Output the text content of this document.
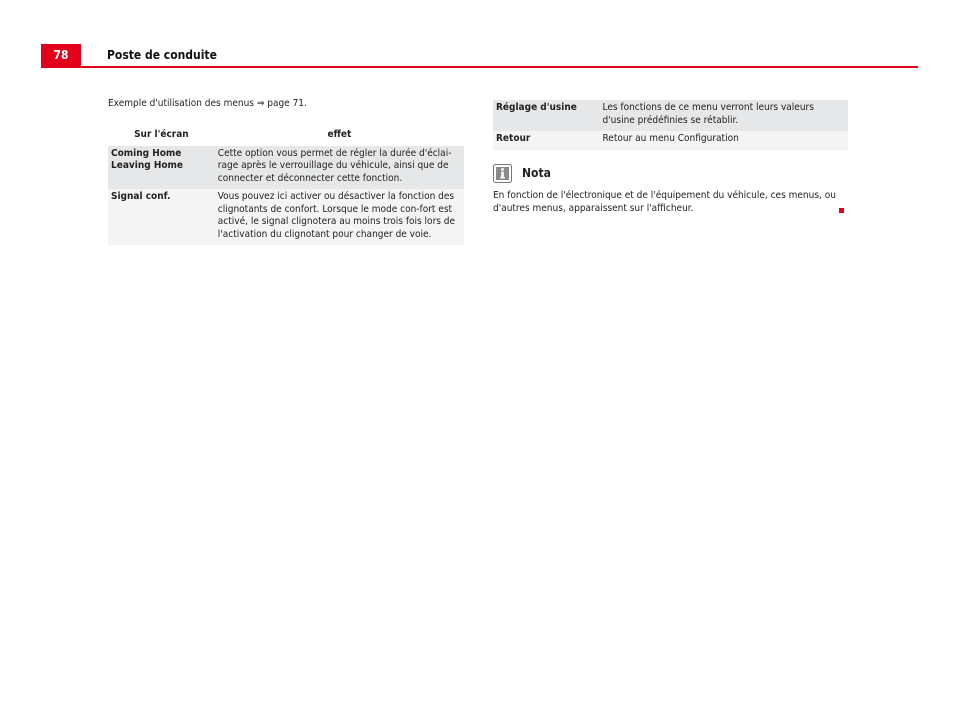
78	Poste de conduite

Exemple d'utilisation des menus ⇒ page 71.

Sur l'écran	effet
Coming Home
Leaving Home	Cette option vous permet de régler la durée d'éclai-rage après le verrouillage du véhicule, ainsi que de connecter et déconnecter cette fonction.
Signal conf.	Vous pouvez ici activer ou désactiver la fonction des clignotants de confort. Lorsque le mode con-fort est activé, le signal clignotera au moins trois fois lors de l'activation du clignotant pour changer de voie.
Réglage d'usine	Les fonctions de ce menu verront leurs valeurs d'usine prédéfinies se rétablir.
Retour	Retour au menu Configuration
Nota
En fonction de l'électronique et de l'équipement du véhicule, ces menus, ou d'autres menus, apparaissent sur l'afficheur.
